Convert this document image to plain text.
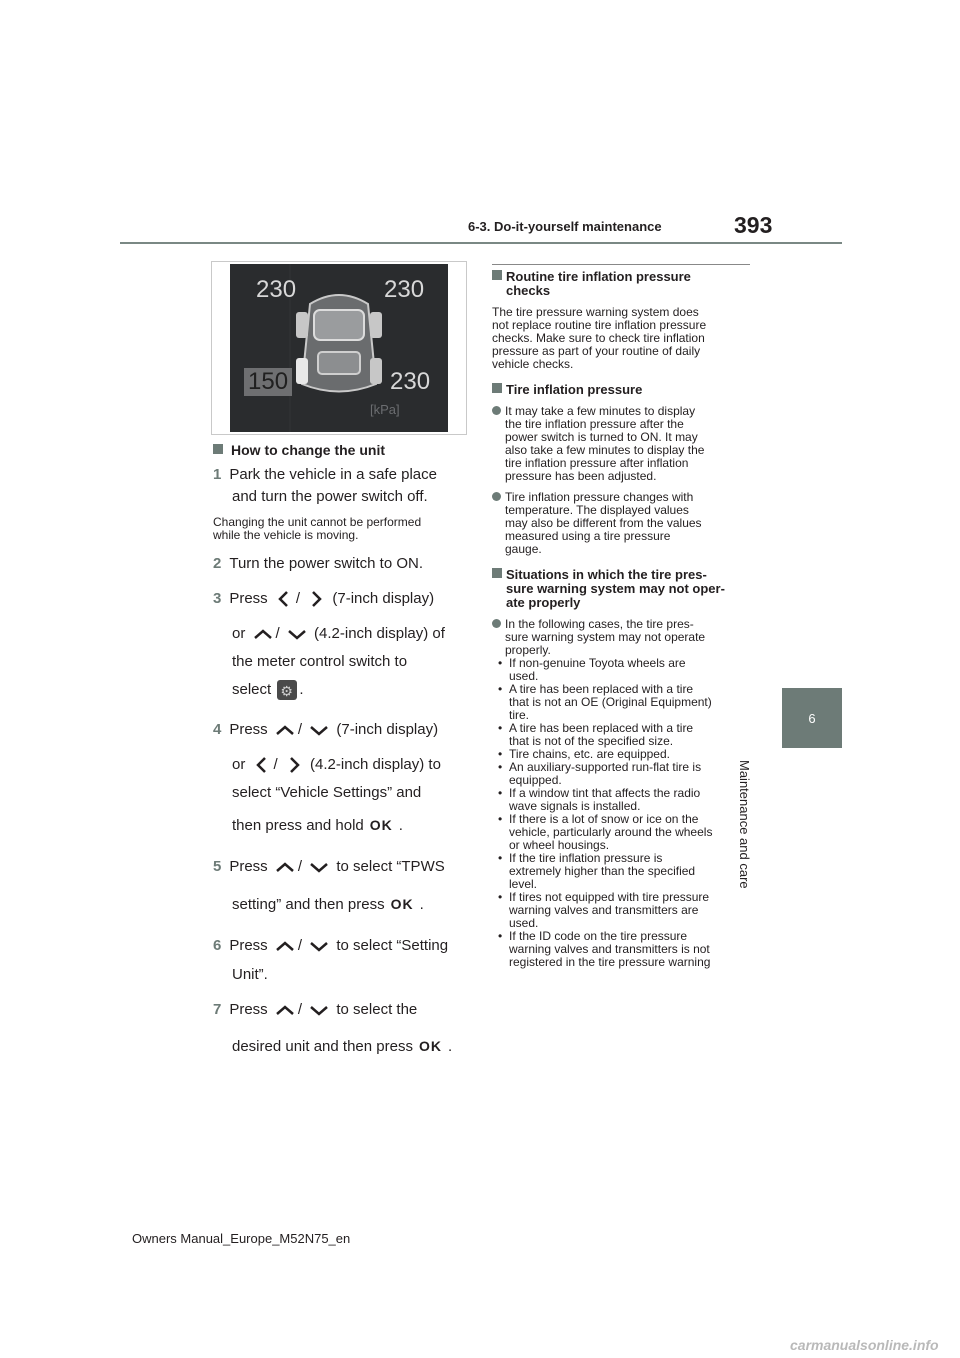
6-3. Do-it-yourself maintenance	393
6
Maintenance and care
230	230
150	230
[kPa]
How to change the unit
1 Park the vehicle in a safe place
and turn the power switch off.
Changing the unit cannot be performed
while the vehicle is moving.
2 Turn the power switch to ON.
3 Press / (7-inch display)
or / (4.2-inch display) of
the meter control switch to
select ⚙ .
4 Press / (7-inch display)
or / (4.2-inch display) to
select “Vehicle Settings” and
then press and hold OK .
5 Press / to select “TPWS
setting” and then press OK .
6 Press / to select “Setting
Unit”.
7 Press / to select the
desired unit and then press OK .
Routine tire inflation pressure
checks
The tire pressure warning system does
not replace routine tire inflation pressure
checks. Make sure to check tire inflation
pressure as part of your routine of daily
vehicle checks.
Tire inflation pressure
It may take a few minutes to display
the tire inflation pressure after the
power switch is turned to ON. It may
also take a few minutes to display the
tire inflation pressure after inflation
pressure has been adjusted.
Tire inflation pressure changes with
temperature. The displayed values
may also be different from the values
measured using a tire pressure
gauge.
Situations in which the tire pres-
sure warning system may not oper-
ate properly
In the following cases, the tire pres-
sure warning system may not operate
properly.
• If non-genuine Toyota wheels are
used.
• A tire has been replaced with a tire
that is not an OE (Original Equipment)
tire.
• A tire has been replaced with a tire
that is not of the specified size.
• Tire chains, etc. are equipped.
• An auxiliary-supported run-flat tire is
equipped.
• If a window tint that affects the radio
wave signals is installed.
• If there is a lot of snow or ice on the
vehicle, particularly around the wheels
or wheel housings.
• If the tire inflation pressure is
extremely higher than the specified
level.
• If tires not equipped with tire pressure
warning valves and transmitters are
used.
• If the ID code on the tire pressure
warning valves and transmitters is not
registered in the tire pressure warning
Owners Manual_Europe_M52N75_en
carmanualsonline.info
